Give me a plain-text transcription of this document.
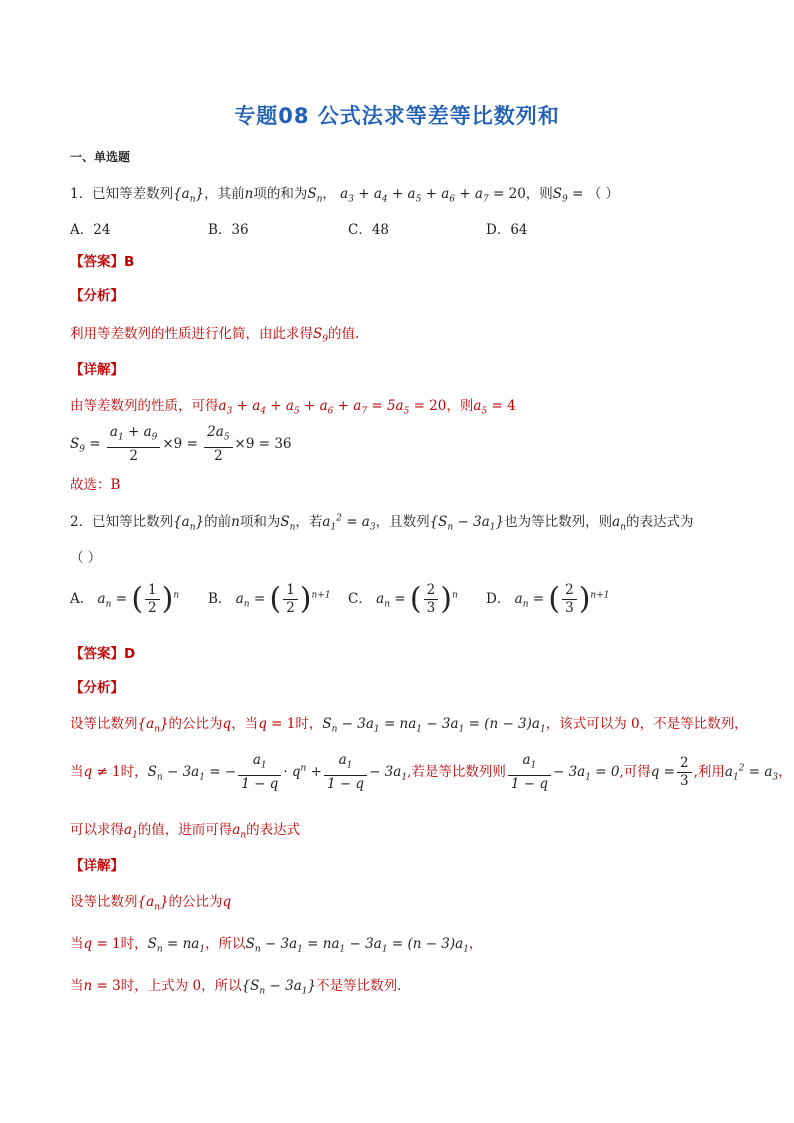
专题08 公式法求等差等比数列和
一、单选题
1．已知等差数列$\{a_n\}$，其前n项的和为$S_n$， $a_3 + a_4 + a_5 + a_6 + a_7 = 20$，则$S_9$ = （ ）
A．24	B．36	C．48	D．64
【答案】B
【分析】
利用等差数列的性质进行化简，由此求得$S_9$的值.
【详解】
由等差数列的性质，可得$a_3 + a_4 + a_5 + a_6 + a_7 = 5a_5 = 20$，则$a_5 = 4$
$S_9 = \frac{a_1 + a_9}{2} \times 9 = \frac{2a_5}{2} \times 9 = 36$
故选：B
2．已知等比数列$\{a_n\}$的前n项和为$S_n$，若$a_1^2 = a_3$，且数列$\{S_n - 3a_1\}$也为等比数列，则$a_n$的表达式为
（ ）
A． $a_n$ = ( $\frac{1}{2} )^n$ B． $a_n$ = ( $\frac{1}{2} )^{n+1}$ C． $a_n$ = ( $\frac{2}{3} )^n$ D． $a_n$ = ( $\frac{2}{3} )^{n+1}$
【答案】D
【分析】
设等比数列$\{a_n\}$的公比为q，当q = 1时，$S_n - 3a_1 = na_1 - 3a_1 = (n - 3)a_1$，该式可以为 0，不是等比数列，
当q ≠ 1时，$S_n - 3a_1$ = − $\frac{a_1}{1 - q} \cdot q^n + \frac{a_1}{1 - q} - 3a_1$,若是等比数列则 $\frac{a_1}{1 - q} - 3a_1 = 0$,可得$q = \frac{2}{3}$ ,利用$a_1^2 = a_3$，
可以求得$a_1$的值，进而可得$a_n$的表达式
【详解】
设等比数列$\{a_n\}$的公比为q
当q = 1时，$S_n = na_1$，所以$S_n - 3a_1 = na_1 - 3a_1 = (n - 3)a_1$，
当n = 3时，上式为 0，所以$\{S_n - 3a_1\}$不是等比数列.
